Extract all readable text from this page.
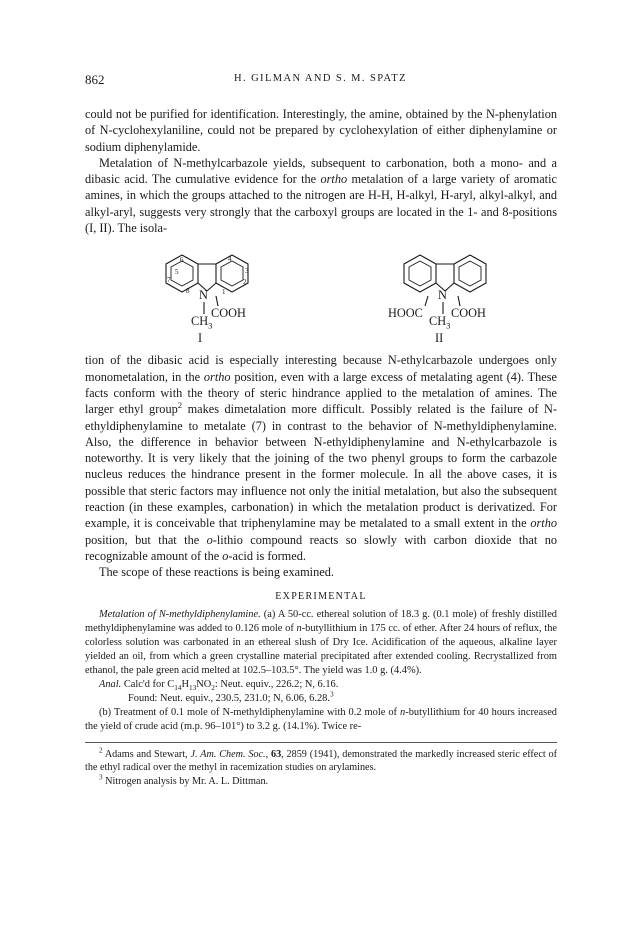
862	H. GILMAN AND S. M. SPATZ

could not be purified for identification. Interestingly, the amine, obtained by the N-phenylation of N-cyclohexylaniline, could not be prepared by cyclohexylation of either diphenylamine or sodium diphenylamide.

Metalation of N-methylcarbazole yields, subsequent to carbonation, both a mono- and a dibasic acid. The cumulative evidence for the ortho metalation of a large variety of aromatic amines, in which the groups attached to the nitrogen are H-H, H-alkyl, H-aryl, alkyl-alkyl, and alkyl-aryl, suggests very strongly that the carboxyl groups are located in the 1- and 8-positions (I, II). The isola-

6	4
3
7	2
8	1
5
N
COOH
$CH_3$
I
N
HOOC COOH
$CH_3$
II

tion of the dibasic acid is especially interesting because N-ethylcarbazole undergoes only monometalation, in the ortho position, even with a large excess of metalating agent (4). These facts conform with the theory of steric hindrance applied to the metalation of amines. The larger ethyl group$^2$ makes dimetalation more difficult. Possibly related is the failure of N-ethyldiphenylamine to metalate (7) in contrast to the behavior of N-methyldiphenylamine. Also, the difference in behavior between N-ethyldiphenylamine and N-ethylcarbazole is noteworthy. It is very likely that the joining of the two phenyl groups to form the carbazole nucleus reduces the hindrance present in the former molecule. In all the above cases, it is possible that steric factors may influence not only the initial metalation, but also the subsequent reaction (in these examples, carbonation) in which the metalation product is derivatized. For example, it is conceivable that triphenylamine may be metalated to a small extent in the ortho position, but that the o-lithio compound reacts so slowly with carbon dioxide that no recognizable amount of the o-acid is formed.

The scope of these reactions is being examined.

EXPERIMENTAL

Metalation of N-methyldiphenylamine. (a) A 50-cc. ethereal solution of 18.3 g. (0.1 mole) of freshly distilled methyldiphenylamine was added to 0.126 mole of n-butyllithium in 175 cc. of ether. After 24 hours of reflux, the colorless solution was carbonated in an ethereal slush of Dry Ice. Acidification of the aqueous, alkaline layer yielded an oil, from which a green crystalline material precipitated after extended cooling. Recrystallized from ethanol, the pale green acid melted at 102.5–103.5°. The yield was 1.0 g. (4.4%).

Anal. Calc'd for $C_{14}H_{13}NO_2$: Neut. equiv., 226.2; N, 6.16.

Found: Neut. equiv., 230.5, 231.0; N, 6.06, 6.28.$^3$

(b) Treatment of 0.1 mole of N-methyldiphenylamine with 0.2 mole of n-butyllithium for 40 hours increased the yield of crude acid (m.p. 96–101°) to 3.2 g. (14.1%). Twice re-

$^2$ Adams and Stewart, J. Am. Chem. Soc., 63, 2859 (1941), demonstrated the markedly increased steric effect of the ethyl radical over the methyl in racemization studies on arylamines.

$^3$ Nitrogen analysis by Mr. A. L. Dittman.
